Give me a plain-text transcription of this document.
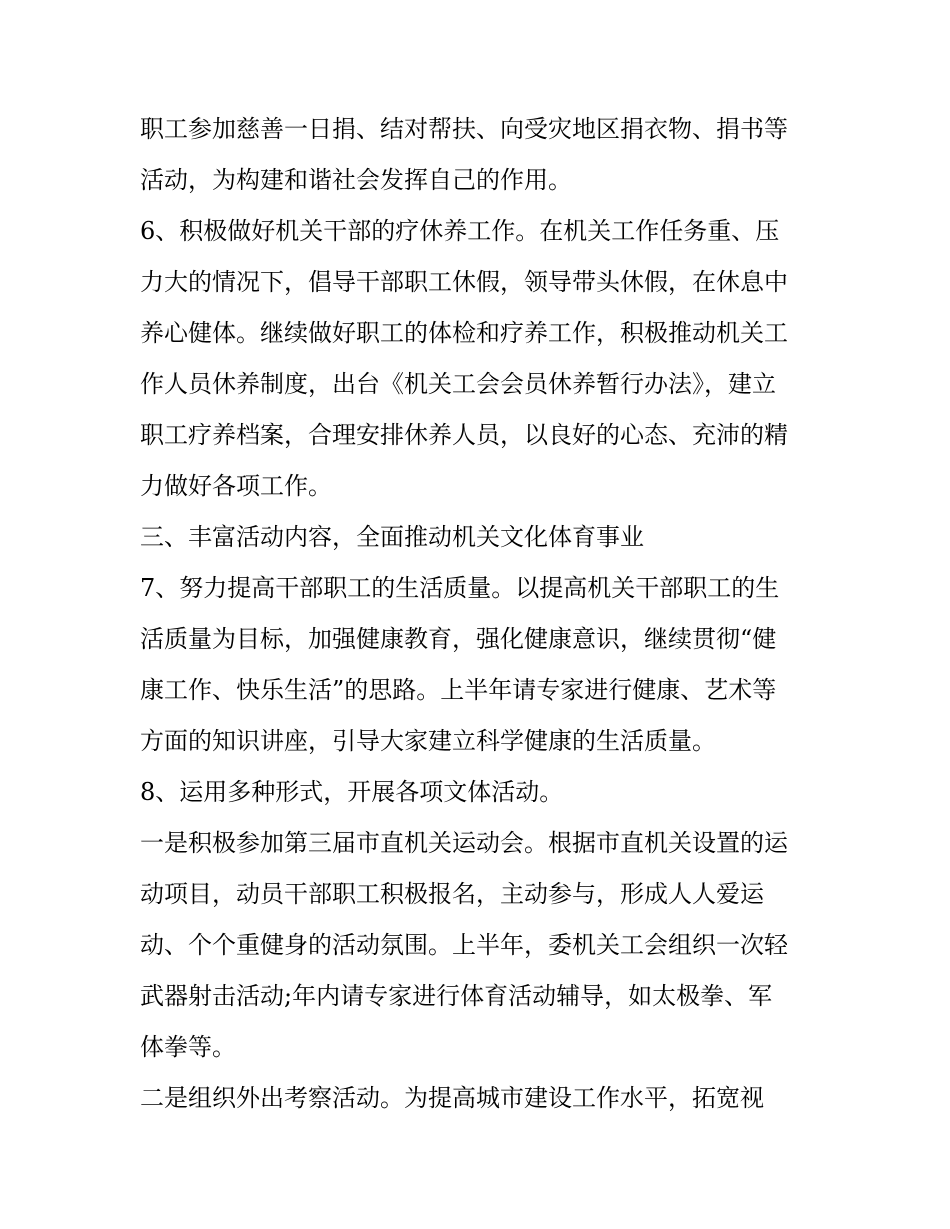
职工参加慈善一日捐、结对帮扶、向受灾地区捐衣物、捐书等
活动，为构建和谐社会发挥自己的作用。
6、积极做好机关干部的疗休养工作。在机关工作任务重、压
力大的情况下，倡导干部职工休假，领导带头休假，在休息中
养心健体。继续做好职工的体检和疗养工作，积极推动机关工
作人员休养制度，出台《机关工会会员休养暂行办法》，建立
职工疗养档案，合理安排休养人员，以良好的心态、充沛的精
力做好各项工作。
三、丰富活动内容，全面推动机关文化体育事业
7、努力提高干部职工的生活质量。以提高机关干部职工的生
活质量为目标，加强健康教育，强化健康意识，继续贯彻“健
康工作、快乐生活”的思路。上半年请专家进行健康、艺术等
方面的知识讲座，引导大家建立科学健康的生活质量。
8、运用多种形式，开展各项文体活动。
一是积极参加第三届市直机关运动会。根据市直机关设置的运
动项目，动员干部职工积极报名，主动参与，形成人人爱运
动、个个重健身的活动氛围。上半年，委机关工会组织一次轻
武器射击活动;年内请专家进行体育活动辅导，如太极拳、军
体拳等。
二是组织外出考察活动。为提高城市建设工作水平，拓宽视
